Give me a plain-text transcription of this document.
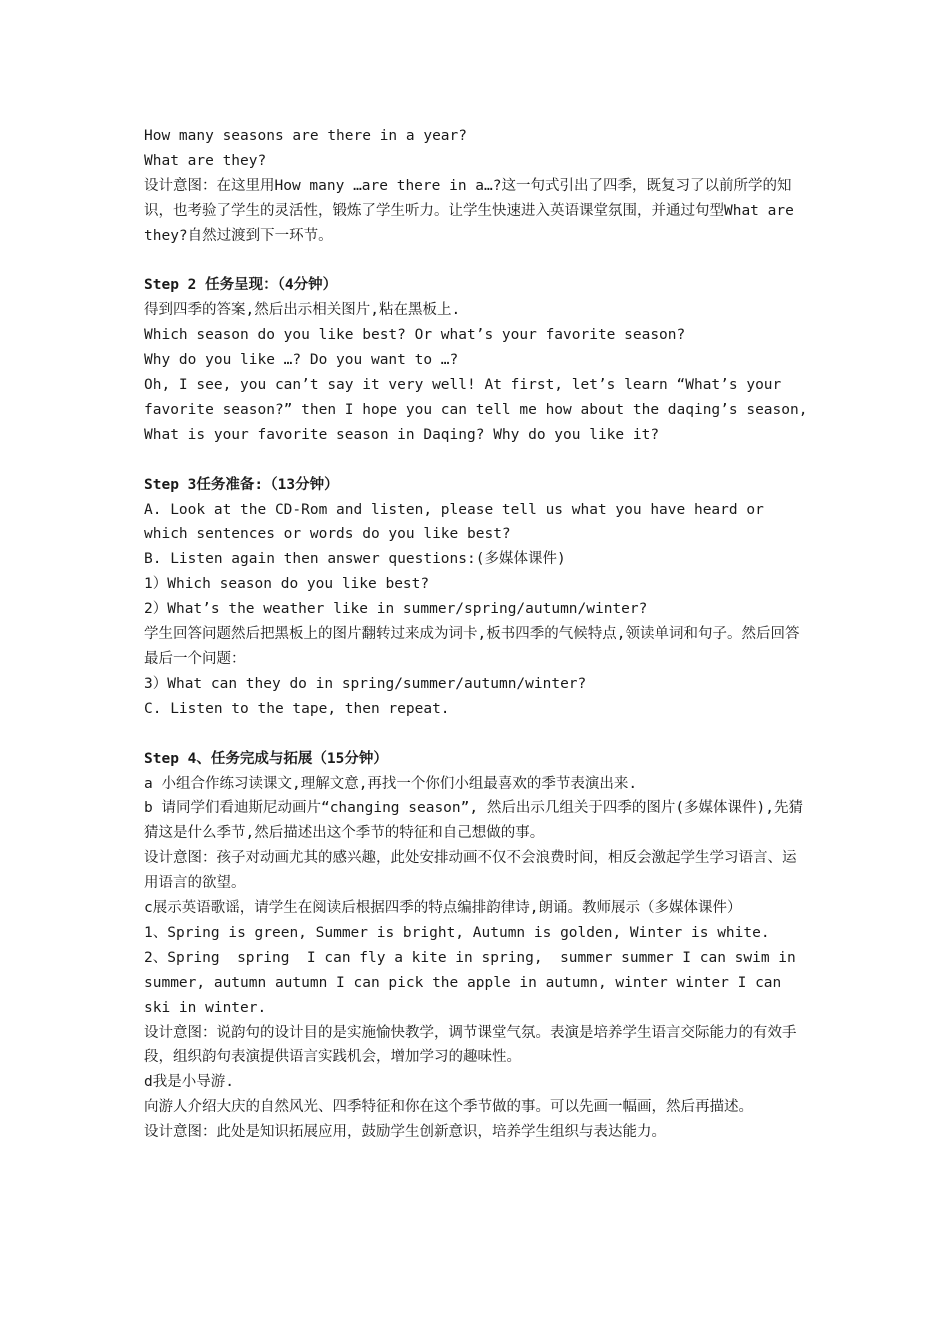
How many seasons are there in a year?
What are they?
设计意图：在这里用How many …are there in a…?这一句式引出了四季，既复习了以前所学的知识，也考验了学生的灵活性，锻炼了学生听力。让学生快速进入英语课堂氛围，并通过句型What are they?自然过渡到下一环节。
Step 2 任务呈现：（4分钟）
得到四季的答案,然后出示相关图片,粘在黑板上.
Which season do you like best? Or what’s your favorite season?
Why do you like …? Do you want to …?
Oh, I see, you can’t say it very well! At first, let’s learn “What’s your favorite season?” then I hope you can tell me how about the daqing’s season, What is your favorite season in Daqing? Why do you like it?
Step 3任务准备:（13分钟）
A. Look at the CD-Rom and listen, please tell us what you have heard or which sentences or words do you like best?
B. Listen again then answer questions:(多媒体课件)
1）Which season do you like best?
2）What’s the weather like in summer/spring/autumn/winter?
学生回答问题然后把黑板上的图片翻转过来成为词卡,板书四季的气候特点,领读单词和句子。然后回答最后一个问题：
3）What can they do in spring/summer/autumn/winter?
C. Listen to the tape, then repeat.
Step 4、任务完成与拓展（15分钟）
a 小组合作练习读课文,理解文意,再找一个你们小组最喜欢的季节表演出来.
b 请同学们看迪斯尼动画片“changing season”, 然后出示几组关于四季的图片(多媒体课件),先猜猜这是什么季节,然后描述出这个季节的特征和自己想做的事。
设计意图：孩子对动画尤其的感兴趣，此处安排动画不仅不会浪费时间，相反会激起学生学习语言、运用语言的欲望。
c展示英语歌谣，请学生在阅读后根据四季的特点编排韵律诗,朗诵。教师展示（多媒体课件）
1、Spring is green, Summer is bright, Autumn is golden, Winter is white.
2、Spring  spring  I can fly a kite in spring,  summer summer I can swim in summer, autumn autumn I can pick the apple in autumn, winter winter I can ski in winter.
设计意图：说韵句的设计目的是实施愉快教学，调节课堂气氛。表演是培养学生语言交际能力的有效手段，组织韵句表演提供语言实践机会，增加学习的趣味性。
d我是小导游.
向游人介绍大庆的自然风光、四季特征和你在这个季节做的事。可以先画一幅画，然后再描述。
设计意图：此处是知识拓展应用，鼓励学生创新意识，培养学生组织与表达能力。
